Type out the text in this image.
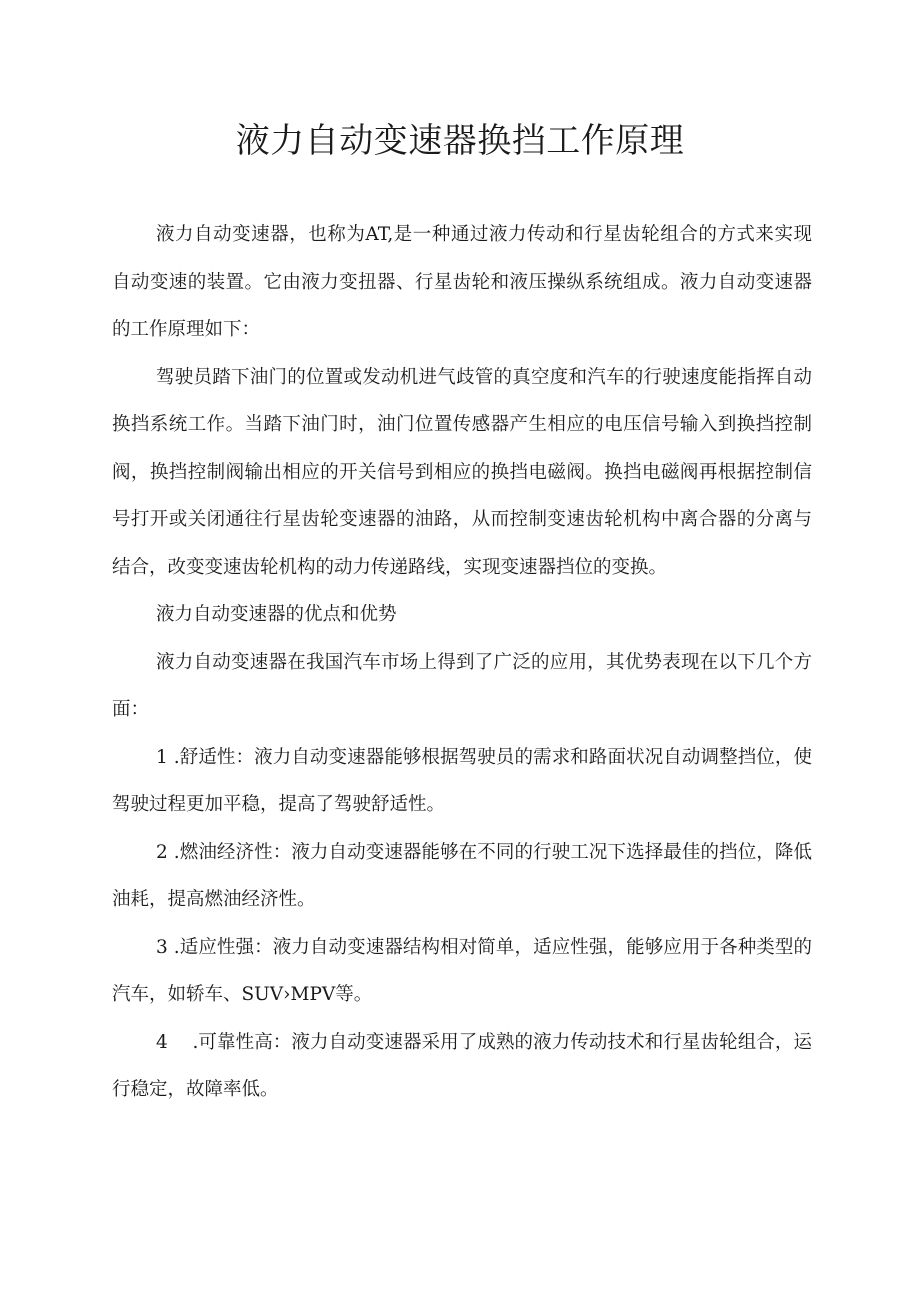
液力自动变速器换挡工作原理

液力自动变速器，也称为AT,是一种通过液力传动和行星齿轮组合的方式来实现自动变速的装置。它由液力变扭器、行星齿轮和液压操纵系统组成。液力自动变速器的工作原理如下：

驾驶员踏下油门的位置或发动机进气歧管的真空度和汽车的行驶速度能指挥自动换挡系统工作。当踏下油门时，油门位置传感器产生相应的电压信号输入到换挡控制阀，换挡控制阀输出相应的开关信号到相应的换挡电磁阀。换挡电磁阀再根据控制信号打开或关闭通往行星齿轮变速器的油路，从而控制变速齿轮机构中离合器的分离与结合，改变变速齿轮机构的动力传递路线，实现变速器挡位的变换。

液力自动变速器的优点和优势

液力自动变速器在我国汽车市场上得到了广泛的应用，其优势表现在以下几个方面：

1 .舒适性：液力自动变速器能够根据驾驶员的需求和路面状况自动调整挡位，使驾驶过程更加平稳，提高了驾驶舒适性。

2 .燃油经济性：液力自动变速器能够在不同的行驶工况下选择最佳的挡位，降低油耗，提高燃油经济性。

3 .适应性强：液力自动变速器结构相对简单，适应性强，能够应用于各种类型的汽车，如轿车、SUV›MPV等。

4　 .可靠性高：液力自动变速器采用了成熟的液力传动技术和行星齿轮组合，运行稳定，故障率低。
